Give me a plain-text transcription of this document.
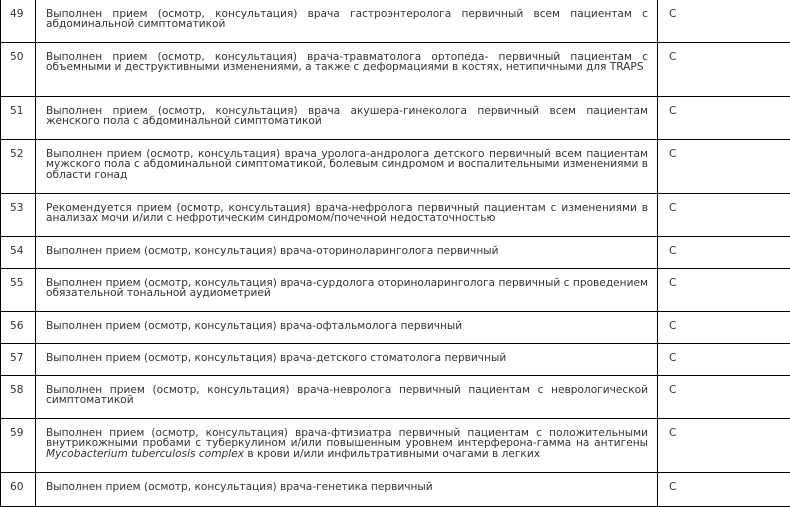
49	Выполнен прием (осмотр, консультация) врача гастроэнтеролога первичный всем пациентам с абдоминальной симптоматикой	C
50	Выполнен прием (осмотр, консультация) врача-травматолога ортопеда- первичный пациентам с объемными и деструктивными изменениями, а также с деформациями в костях, нетипичными для TRAPS	C
51	Выполнен прием (осмотр, консультация) врача акушера-гинеколога первичный всем пациентам женского пола с абдоминальной симптоматикой	C
52	Выполнен прием (осмотр, консультация) врача уролога-андролога детского первичный всем пациентам мужского пола с абдоминальной симптоматикой, болевым синдромом и воспалительными изменениями в области гонад	C
53	Рекомендуется прием (осмотр, консультация) врача-нефролога первичный пациентам с изменениями в анализах мочи и/или с нефротическим синдромом/почечной недостаточностью	C
54	Выполнен прием (осмотр, консультация) врача-оториноларинголога первичный	C
55	Выполнен прием (осмотр, консультация) врача-сурдолога оториноларинголога первичный с проведением обязательной тональной аудиометрией	C
56	Выполнен прием (осмотр, консультация) врача-офтальмолога первичный	C
57	Выполнен прием (осмотр, консультация) врача-детского стоматолога первичный	C
58	Выполнен прием (осмотр, консультация) врача-невролога первичный пациентам с неврологической симптоматикой	C
59	Выполнен прием (осмотр, консультация) врача-фтизиатра первичный пациентам с положительными внутрикожными пробами с туберкулином и/или повышенным уровнем интерферона-гамма на антигены Mycobacterium tuberculosis complex в крови и/или инфильтративными очагами в легких	C
60	Выполнен прием (осмотр, консультация) врача-генетика первичный	C
